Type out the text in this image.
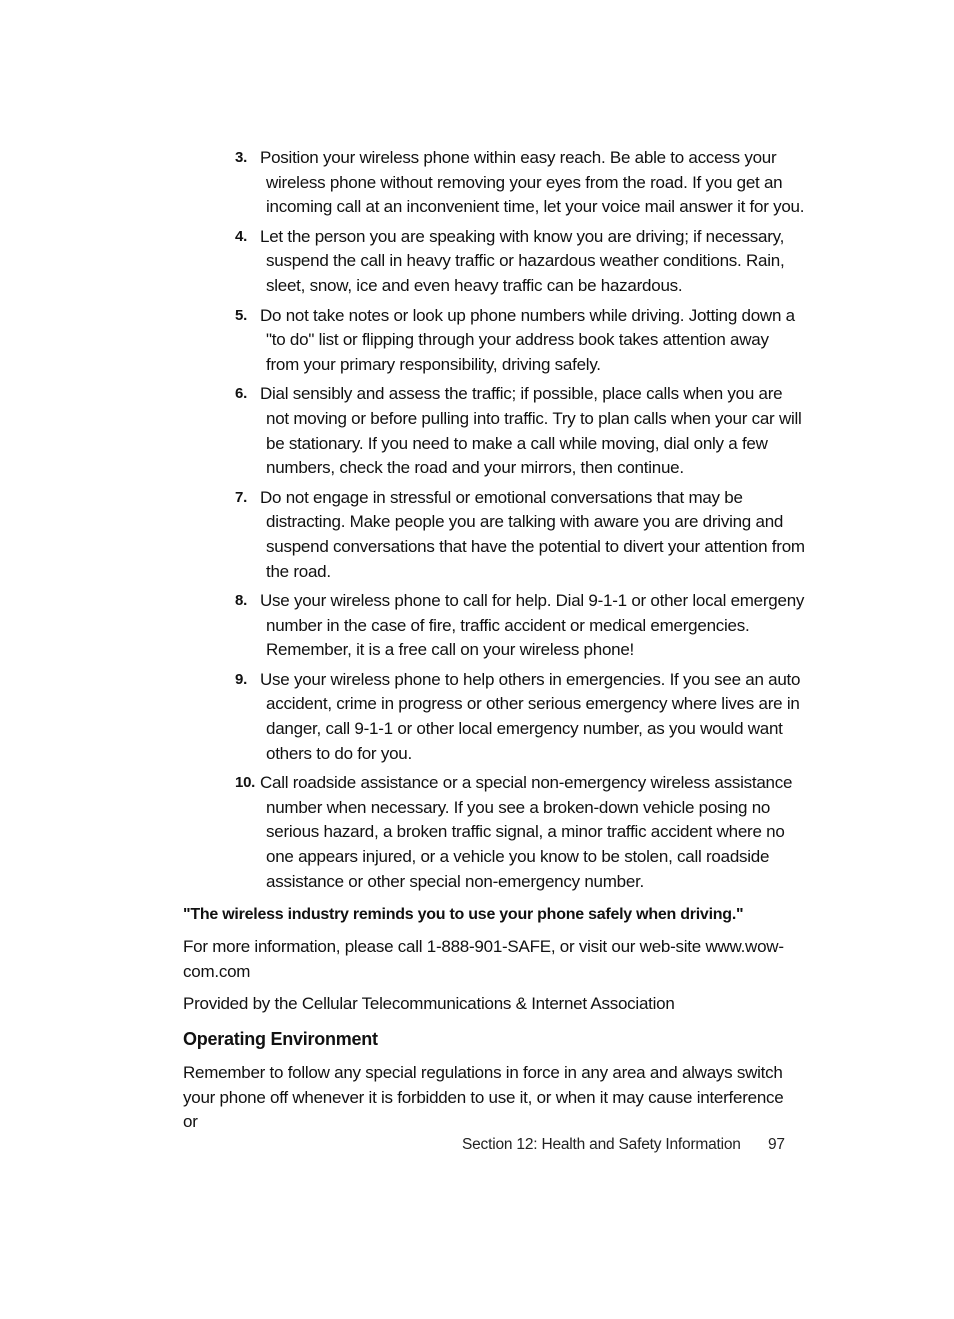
3. Position your wireless phone within easy reach. Be able to access your wireless phone without removing your eyes from the road. If you get an incoming call at an inconvenient time, let your voice mail answer it for you.
4. Let the person you are speaking with know you are driving; if necessary, suspend the call in heavy traffic or hazardous weather conditions. Rain, sleet, snow, ice and even heavy traffic can be hazardous.
5. Do not take notes or look up phone numbers while driving. Jotting down a "to do" list or flipping through your address book takes attention away from your primary responsibility, driving safely.
6. Dial sensibly and assess the traffic; if possible, place calls when you are not moving or before pulling into traffic. Try to plan calls when your car will be stationary. If you need to make a call while moving, dial only a few numbers, check the road and your mirrors, then continue.
7. Do not engage in stressful or emotional conversations that may be distracting. Make people you are talking with aware you are driving and suspend conversations that have the potential to divert your attention from the road.
8. Use your wireless phone to call for help. Dial 9-1-1 or other local emergeny number in the case of fire, traffic accident or medical emergencies. Remember, it is a free call on your wireless phone!
9. Use your wireless phone to help others in emergencies. If you see an auto accident, crime in progress or other serious emergency where lives are in danger, call 9-1-1 or other local emergency number, as you would want others to do for you.
10. Call roadside assistance or a special non-emergency wireless assistance number when necessary. If you see a broken-down vehicle posing no serious hazard, a broken traffic signal, a minor traffic accident where no one appears injured, or a vehicle you know to be stolen, call roadside assistance or other special non-emergency number.

"The wireless industry reminds you to use your phone safely when driving."

For more information, please call 1-888-901-SAFE, or visit our web-site www.wow-com.com

Provided by the Cellular Telecommunications & Internet Association

Operating Environment

Remember to follow any special regulations in force in any area and always switch your phone off whenever it is forbidden to use it, or when it may cause interference or

Section 12: Health and Safety Information 97
